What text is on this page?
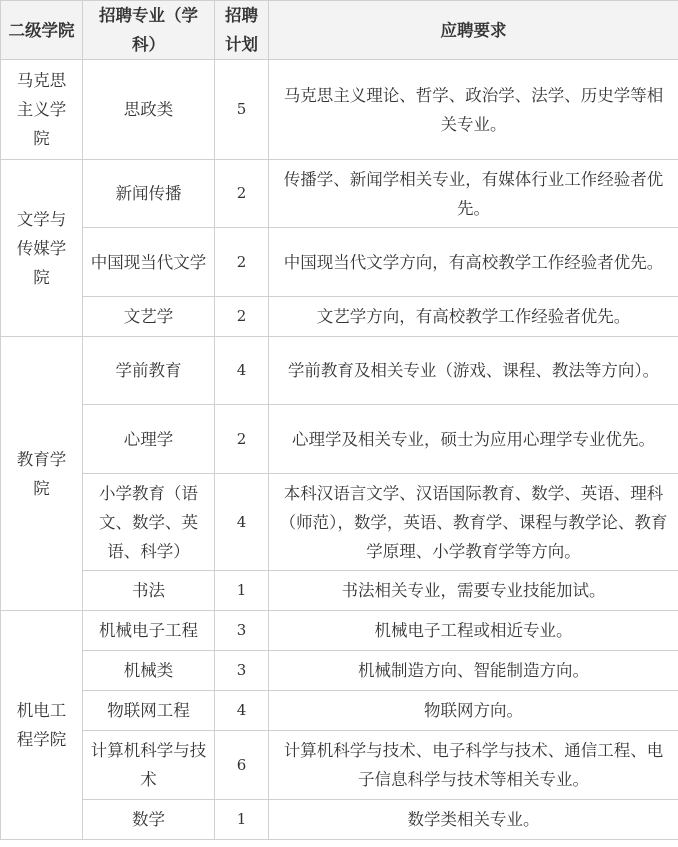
二级学院	招聘专业（学科）	招聘计划	应聘要求
马克思主义学院	思政类	5	马克思主义理论、哲学、政治学、法学、历史学等相关专业。
文学与传媒学院	新闻传播	2	传播学、新闻学相关专业，有媒体行业工作经验者优先。
	中国现当代文学	2	中国现当代文学方向，有高校教学工作经验者优先。
	文艺学	2	文艺学方向，有高校教学工作经验者优先。
教育学院	学前教育	4	学前教育及相关专业（游戏、课程、教法等方向）。
	心理学	2	心理学及相关专业，硕士为应用心理学专业优先。
	小学教育（语文、数学、英语、科学）	4	本科汉语言文学、汉语国际教育、数学、英语、理科（师范），数学，英语、教育学、课程与教学论、教育学原理、小学教育学等方向。
	书法	1	书法相关专业，需要专业技能加试。
机电工程学院	机械电子工程	3	机械电子工程或相近专业。
	机械类	3	机械制造方向、智能制造方向。
	物联网工程	4	物联网方向。
	计算机科学与技术	6	计算机科学与技术、电子科学与技术、通信工程、电子信息科学与技术等相关专业。
	数学	1	数学类相关专业。
